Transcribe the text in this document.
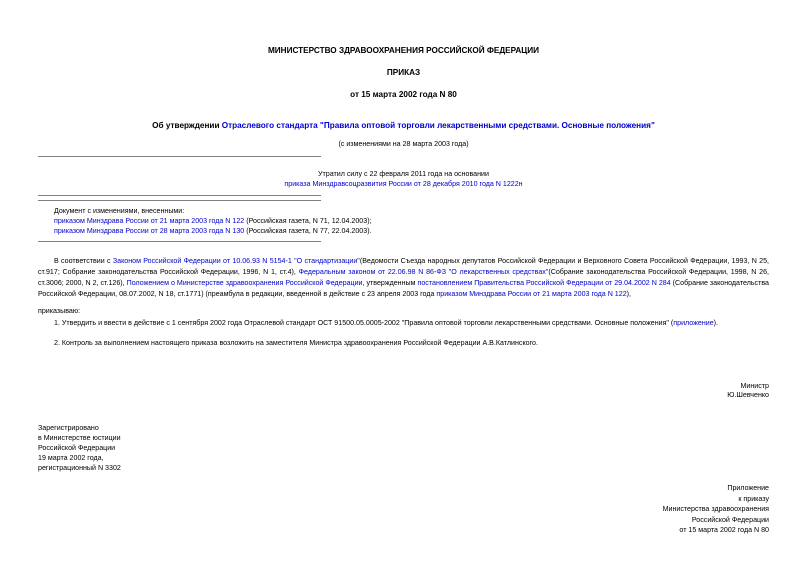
МИНИСТЕРСТВО ЗДРАВООХРАНЕНИЯ РОССИЙСКОЙ ФЕДЕРАЦИИ
ПРИКАЗ
от 15 марта 2002 года N 80
Об утверждении Отраслевого стандарта "Правила оптовой торговли лекарственными средствами. Основные положения"
(с изменениями на 28 марта 2003 года)
Утратил силу с 22 февраля 2011 года на основании
приказа Минздравсоцразвития России от 28 декабря 2010 года N 1222н
Документ с изменениями, внесенными:
приказом Минздрава России от 21 марта 2003 года N 122 (Российская газета, N 71, 12.04.2003);
приказом Минздрава России от 28 марта 2003 года N 130 (Российская газета, N 77, 22.04.2003).
В соответствии с Законом Российской Федерации от 10.06.93 N 5154-1 "О стандартизации"(Ведомости Съезда народных депутатов Российской Федерации и Верховного Совета Российской Федерации, 1993, N 25, ст.917; Собрание законодательства Российской Федерации, 1996, N 1, ст.4), Федеральным законом от 22.06.98 N 86-ФЗ "О лекарственных средствах"(Собрание законодательства Российской Федерации, 1998, N 26, ст.3006; 2000, N 2, ст.126), Положением о Министерстве здравоохранения Российской Федерации, утвержденным постановлением Правительства Российской Федерации от 29.04.2002 N 284 (Собрание законодательства Российской Федерации, 08.07.2002, N 18, ст.1771) (преамбула в редакции, введенной в действие с 23 апреля 2003 года приказом Минздрава России от 21 марта 2003 года N 122),
приказываю:
1. Утвердить и ввести в действие с 1 сентября 2002 года Отраслевой стандарт ОСТ 91500.05.0005-2002 "Правила оптовой торговли лекарственными средствами. Основные положения" (приложение).
2. Контроль за выполнением настоящего приказа возложить на заместителя Министра здравоохранения Российской Федерации А.В.Катлинского.
Министр
Ю.Шевченко
Зарегистрировано
в Министерстве юстиции
Российской Федерации
19 марта 2002 года,
регистрационный N 3302
Приложение
к приказу
Министерства здравоохранения
Российской Федерации
от 15 марта 2002 года N 80
